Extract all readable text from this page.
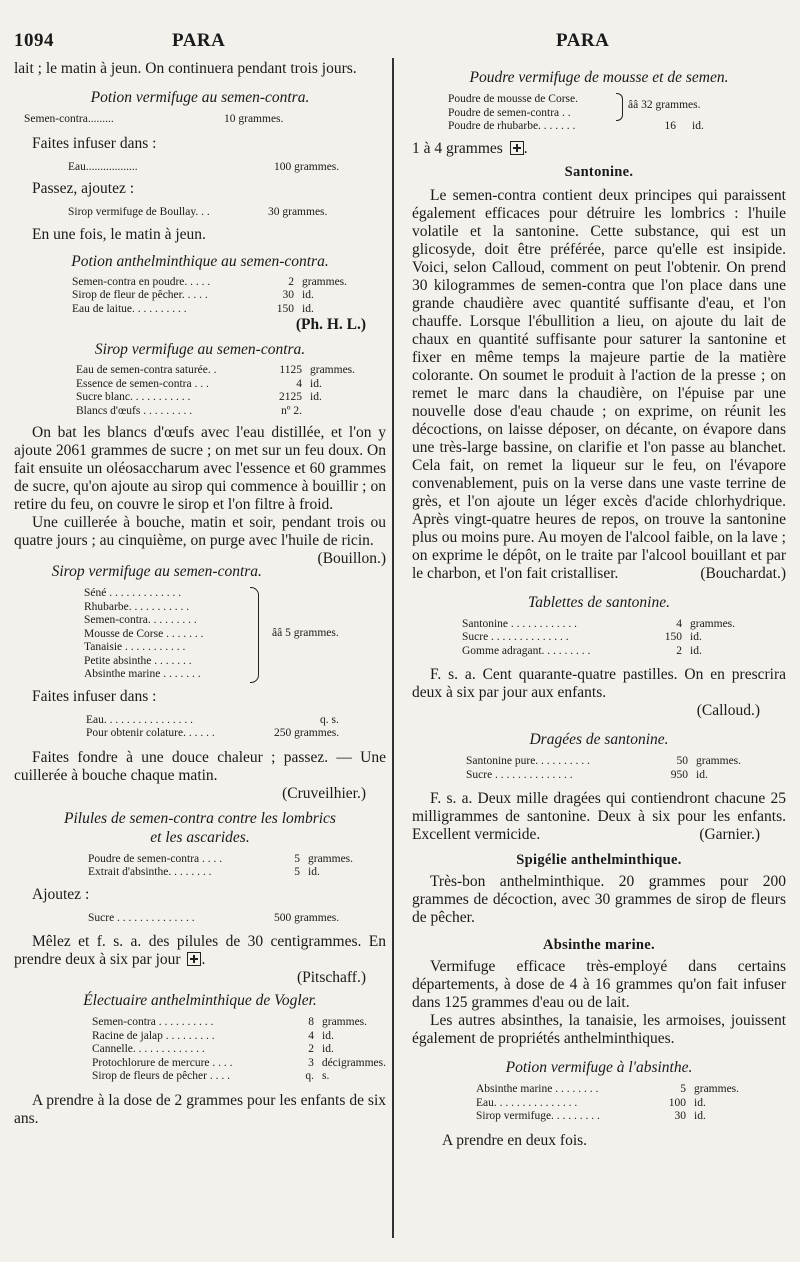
1094	PARA	PARA

lait ; le matin à jeun. On continuera pendant trois jours.

Potion vermifuge au semen-contra.

Semen-contra.........	10 grammes.

Faites infuser dans :

Eau..................	100 grammes.

Passez, ajoutez :

Sirop vermifuge de Boullay. . .	30 grammes.

En une fois, le matin à jeun.

Potion anthelminthique au semen-contra.

Semen-contra en poudre. . . . .	2 grammes.
Sirop de fleur de pêcher. . . . .	30 id.
Eau de laitue. . . . . . . . . .	150 id.

(Ph. H. L.)

Sirop vermifuge au semen-contra.

Eau de semen-contra saturée. .	1125 grammes.
Essence de semen-contra . . .	4 id.
Sucre blanc. . . . . . . . . . .	2125 id.
Blancs d'œufs . . . . . . . . .	nº 2.

On bat les blancs d'œufs avec l'eau distillée, et l'on y ajoute 2061 grammes de sucre ; on met sur un feu doux. On fait ensuite un oléosaccharum avec l'essence et 60 grammes de sucre, qu'on ajoute au sirop qui commence à bouillir ; on retire du feu, on couvre le sirop et l'on filtre à froid.

Une cuillerée à bouche, matin et soir, pendant trois ou quatre jours ; au cinquième, on purge avec l'huile de ricin.
(Bouillon.)

Sirop vermifuge au semen-contra.

Séné . . . . . . . . . . . . .
Rhubarbe. . . . . . . . . . .
Semen-contra. . . . . . . . .
Mousse de Corse . . . . . . .
Tanaisie . . . . . . . . . . .
Petite absinthe . . . . . . .
Absinthe marine . . . . . . .
ââ 5 grammes.

Faites infuser dans :

Eau. . . . . . . . . . . . . . . .	q. s.
Pour obtenir colature. . . . . .	250 grammes.

Faites fondre à une douce chaleur ; passez. — Une cuillerée à bouche chaque matin.

(Cruveilhier.)

Pilules de semen-contra contre les lombrics

et les ascarides.

Poudre de semen-contra . . . .	5 grammes.
Extrait d'absinthe. . . . . . . .	5 id.

Ajoutez :

Sucre . . . . . . . . . . . . . .	500 grammes.

Mêlez et f. s. a. des pilules de 30 centigrammes. En prendre deux à six par jour .

(Pitschaff.)

Électuaire anthelminthique de Vogler.

Semen-contra . . . . . . . . . .	8 grammes.
Racine de jalap . . . . . . . . .	4 id.
Cannelle. . . . . . . . . . . . .	2 id.
Protochlorure de mercure . . . .	3 décigrammes.
Sirop de fleurs de pêcher . . . .	q. s.

A prendre à la dose de 2 grammes pour les enfants de six ans.

Poudre vermifuge de mousse et de semen.

Poudre de mousse de Corse.
Poudre de semen-contra . .
ââ 32 grammes.
Poudre de rhubarbe. . . . . . .	16 id.

1 à 4 grammes .

Santonine.

Le semen-contra contient deux principes qui paraissent également efficaces pour détruire les lombrics : l'huile volatile et la santonine. Cette substance, qui est un glicosyde, doit être préférée, parce qu'elle est insipide. Voici, selon Calloud, comment on peut l'obtenir. On prend 30 kilogrammes de semen-contra que l'on place dans une grande chaudière avec quantité suffisante d'eau, et l'on chauffe. Lorsque l'ébullition a lieu, on ajoute du lait de chaux en quantité suffisante pour saturer la santonine et fixer en même temps la majeure partie de la matière colorante. On soumet le produit à l'action de la presse ; on remet le marc dans la chaudière, on l'épuise par une nouvelle dose d'eau chaude ; on exprime, on réunit les décoctions, on laisse déposer, on décante, on évapore dans une très-large bassine, on clarifie et l'on passe au blanchet. Cela fait, on remet la liqueur sur le feu, on l'évapore convenablement, puis on la verse dans une vaste terrine de grès, et l'on ajoute un léger excès d'acide chlorhydrique. Après vingt-quatre heures de repos, on trouve la santonine plus ou moins pure. Au moyen de l'alcool faible, on la lave ; on exprime le dépôt, on le traite par l'alcool bouillant et par le charbon, et l'on fait cristalliser.	(Bouchardat.)

Tablettes de santonine.

Santonine . . . . . . . . . . . .	4 grammes.
Sucre . . . . . . . . . . . . . .	150 id.
Gomme adragant. . . . . . . . .	2 id.

F. s. a. Cent quarante-quatre pastilles. On en prescrira deux à six par jour aux enfants.

(Calloud.)

Dragées de santonine.

Santonine pure. . . . . . . . . .	50 grammes.
Sucre . . . . . . . . . . . . . .	950 id.

F. s. a. Deux mille dragées qui contiendront chacune 25 milligrammes de santonine. Deux à six pour les enfants. Excellent vermicide.	(Garnier.)

Spigélie anthelminthique.

Très-bon anthelminthique. 20 grammes pour 200 grammes de décoction, avec 30 grammes de sirop de fleurs de pêcher.

Absinthe marine.

Vermifuge efficace très-employé dans certains départements, à dose de 4 à 16 grammes qu'on fait infuser dans 125 grammes d'eau ou de lait.

Les autres absinthes, la tanaisie, les armoises, jouissent également de propriétés anthelminthiques.

Potion vermifuge à l'absinthe.

Absinthe marine . . . . . . . .	5 grammes.
Eau. . . . . . . . . . . . . . .	100 id.
Sirop vermifuge. . . . . . . . .	30 id.

A prendre en deux fois.
